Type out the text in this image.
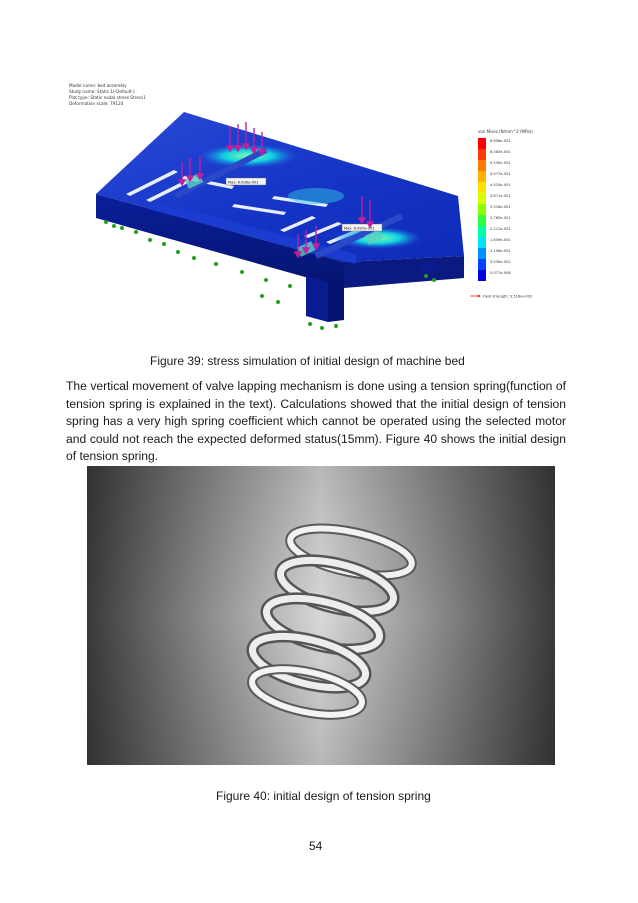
Model name: bed assembly
Study name: Static 1(-Default-)
Plot type: Static nodal stress Stress1
Deformation scale: 79124
Max: 6.636e-001
Max: 6.637e-001
von Mises (N/mm^2 (MPa))
6.636e-001
6.083e-001
5.530e-001
4.977e-001
4.424e-001
3.871e-001
3.318e-001
2.765e-001
2.212e-001
1.659e-001
1.106e-001
5.530e-002
5.077e-008
Field strength: 3.516e+002
Figure 39: stress simulation of initial design of machine bed
The vertical movement of valve lapping mechanism is done using a tension spring(function of tension spring is explained in the text). Calculations showed that the initial design of tension spring has a very high spring coefficient which cannot be operated using the selected motor and could not reach the expected deformed status(15mm). Figure 40 shows the initial design of tension spring.
Figure 40: initial design of tension spring
54
